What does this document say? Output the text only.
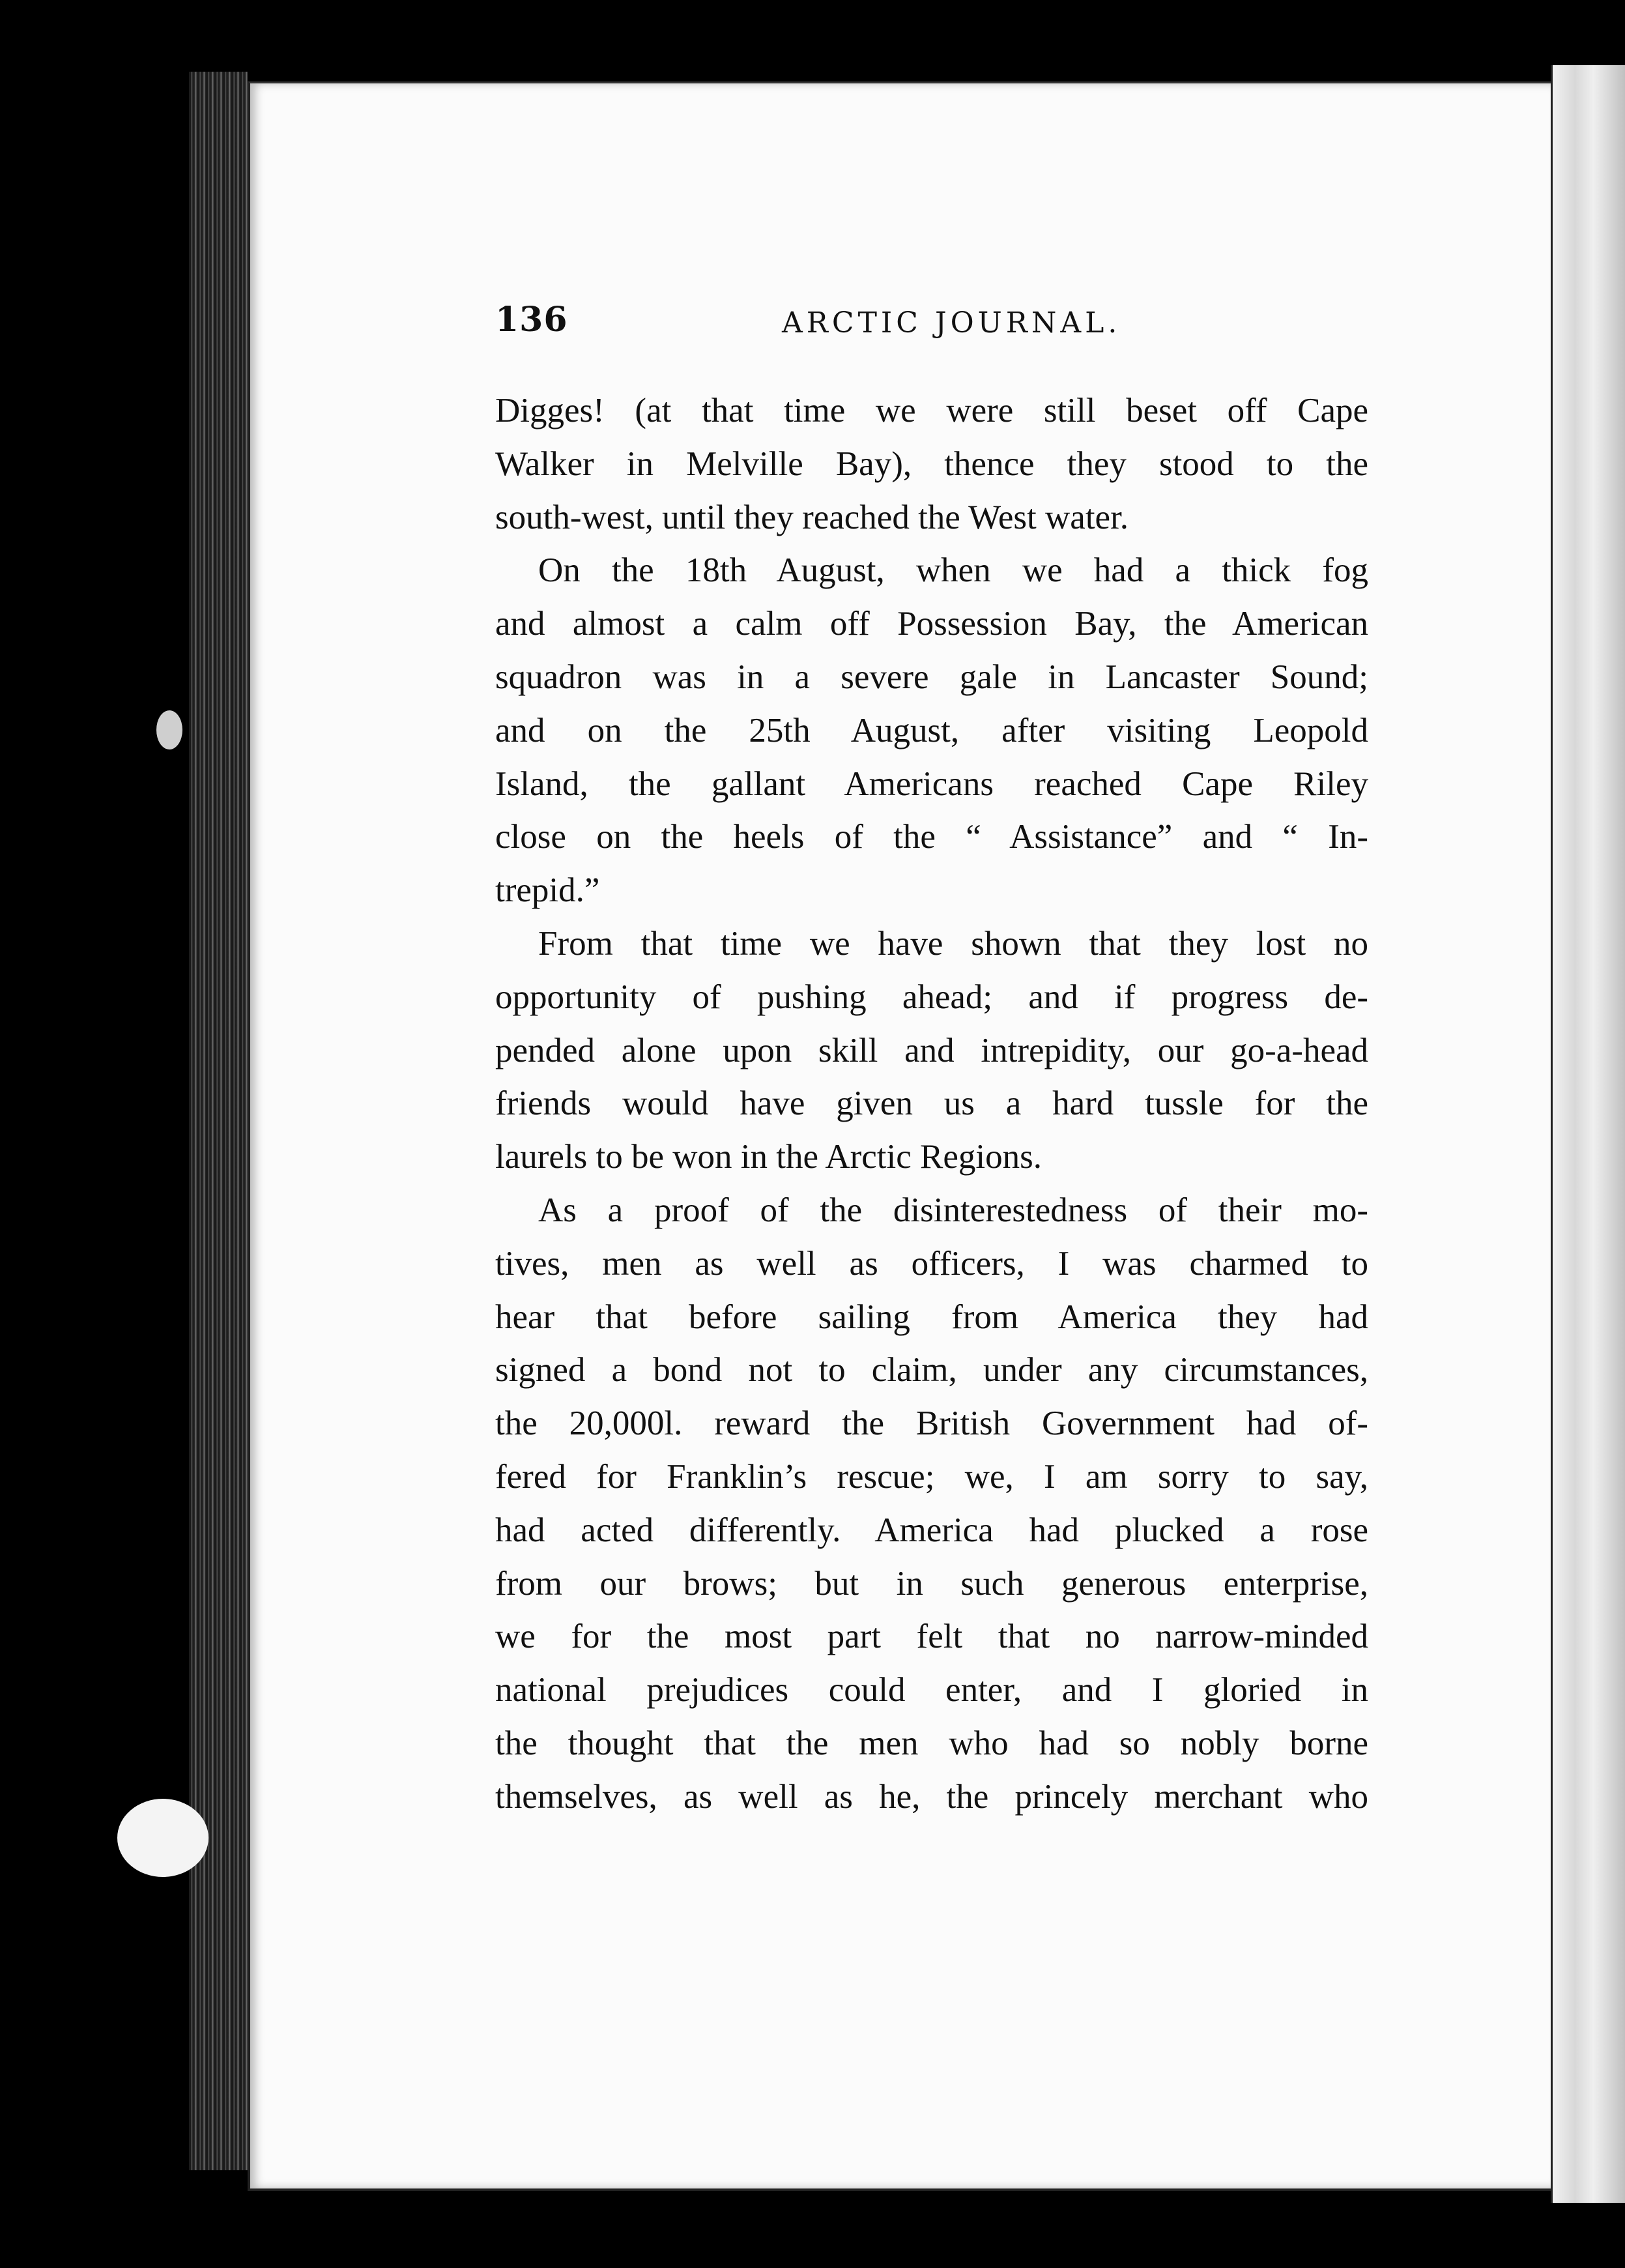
136	ARCTIC JOURNAL.
Digges! (at that time we were still beset off Cape
Walker in Melville Bay), thence they stood to the
south-west, until they reached the West water.
On the 18th August, when we had a thick fog
and almost a calm off Possession Bay, the American
squadron was in a severe gale in Lancaster Sound;
and on the 25th August, after visiting Leopold
Island, the gallant Americans reached Cape Riley
close on the heels of the “ Assistance” and “ In-
trepid.”
From that time we have shown that they lost no
opportunity of pushing ahead; and if progress de-
pended alone upon skill and intrepidity, our go-a-head
friends would have given us a hard tussle for the
laurels to be won in the Arctic Regions.
As a proof of the disinterestedness of their mo-
tives, men as well as officers, I was charmed to
hear that before sailing from America they had
signed a bond not to claim, under any circumstances,
the 20,000l. reward the British Government had of-
fered for Franklin’s rescue; we, I am sorry to say,
had acted differently. America had plucked a rose
from our brows; but in such generous enterprise,
we for the most part felt that no narrow-minded
national prejudices could enter, and I gloried in
the thought that the men who had so nobly borne
themselves, as well as he, the princely merchant who
